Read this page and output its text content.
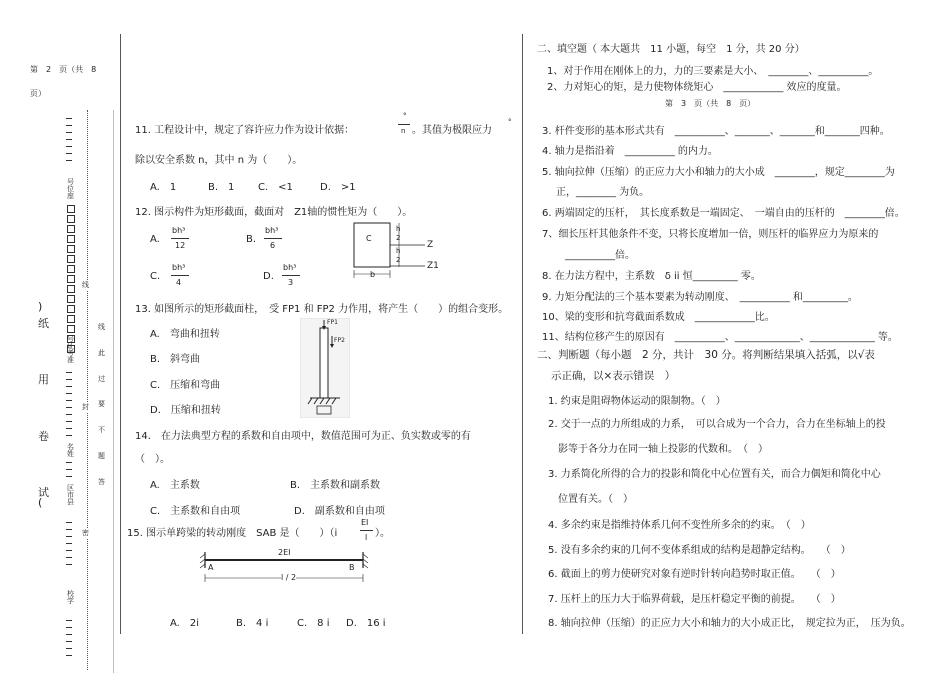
第　2　页（共　8
页）
)
纸
用
卷
试
(
号位座
号证考准
名姓
区市县
校学
线
封
密
线
此
过
要
不
题
答
11. 工程设计中，规定了容许应力作为设计依据：
°
n 。其值为极限应力
°
除以安全系数 n，其中 n 为（　　）。
A.　1	B.　1 C.　<1	D.　>1
12. 图示构件为矩形截面，截面对　Z1轴的惯性矩为（　　）。
A.
bh³
12
B.
bh³
6
C.
bh³
4
D.
bh³
3
C
Z
Z1
b
h
2
h
2
13. 如图所示的矩形截面柱，　受 FP1 和 FP2 力作用，将产生（　　）的组合变形。
A.　弯曲和扭转
B.　斜弯曲
C.　压缩和弯曲
D.　压缩和扭转
FP1
FP2
14.　在力法典型方程的系数和自由项中，数值范围可为正、负实数或零的有
（　）。
A.　主系数	B.　主系数和副系数
C.　主系数和自由项	D.　副系数和自由项
15. 图示单跨梁的转动刚度　SAB 是（　　）（i
EI
l ）。
2EI
A	B
l / 2
A.　2i	B.　4 i	C.　8 i D.　16 i
二、填空题（ 本大题共　11 小题，每空　1 分，共 20 分）
1、对于作用在刚体上的力，力的三要素是大小、　________、__________。
2、力对矩心的矩，是力使物体绕矩心　____________ 效应的度量。
第　3　页（共　8　页）
3. 杆件变形的基本形式共有　__________、_______、_______和_______四种。
4. 轴力是指沿着　__________ 的内力。
5. 轴向拉伸（压缩）的正应力大小和轴力的大小成　________，规定________为
正，________ 为负。
6. 两端固定的压杆，　其长度系数是一端固定、　一端自由的压杆的　________倍。
7、细长压杆其他条件不变，只将长度增加一倍，则压杆的临界应力为原来的
__________倍。
8. 在力法方程中，主系数　δ ii 恒_________ 零。
9. 力矩分配法的三个基本要素为转动刚度、　__________ 和_________。
10、梁的变形和抗弯截面系数成　____________比。
11、结构位移产生的原因有　__________、_____________、_____________ 等。
二、判断题（每小题　2 分，共计　30 分。将判断结果填入括弧，以√表
示正确，以×表示错误　）
1. 约束是阻碍物体运动的限制物。（　）
2. 交于一点的力所组成的力系，　可以合成为一个合力，合力在坐标轴上的投
影等于各分力在同一轴上投影的代数和。　（　）
3. 力系简化所得的合力的投影和简化中心位置有关，而合力偶矩和简化中心
位置有关。（　）
4. 多余约束是指维持体系几何不变性所多余的约束。　（　）
5. 没有多余约束的几何不变体系组成的结构是超静定结构。　　（　）
6. 截面上的剪力使研究对象有逆时针转向趋势时取正值。　　（　）
7. 压杆上的压力大于临界荷载，是压杆稳定平衡的前提。　　（　）
8. 轴向拉伸（压缩）的正应力大小和轴力的大小成正比，　规定拉为正，　压为负。
